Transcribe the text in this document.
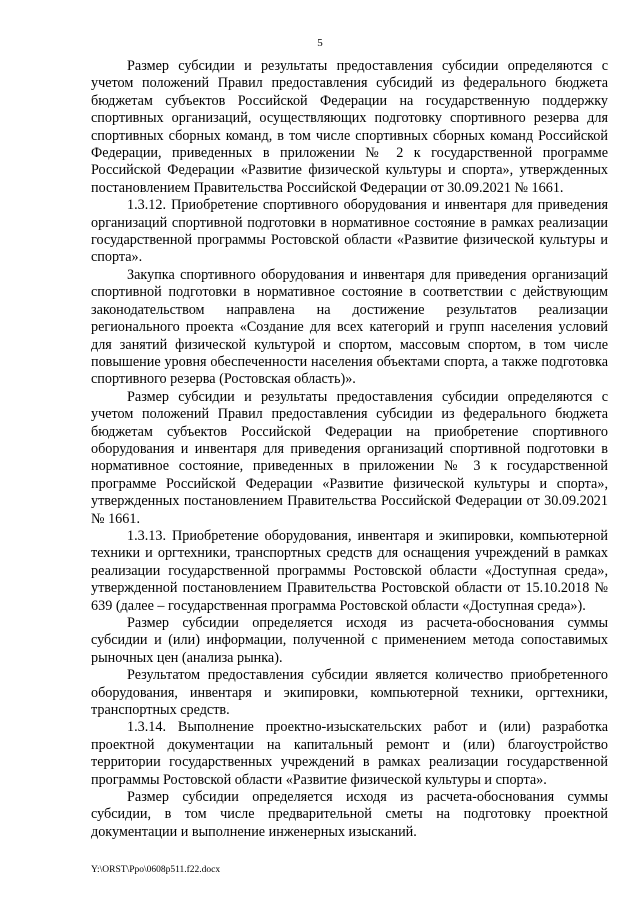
5

Размер субсидии и результаты предоставления субсидии определяются с учетом положений Правил предоставления субсидий из федерального бюджета бюджетам субъектов Российской Федерации на государственную поддержку спортивных организаций, осуществляющих подготовку спортивного резерва для спортивных сборных команд, в том числе спортивных сборных команд Российской Федерации, приведенных в приложении № 2 к государственной программе Российской Федерации «Развитие физической культуры и спорта», утвержденных постановлением Правительства Российской Федерации от 30.09.2021 № 1661.

1.3.12. Приобретение спортивного оборудования и инвентаря для приведения организаций спортивной подготовки в нормативное состояние в рамках реализации государственной программы Ростовской области «Развитие физической культуры и спорта».

Закупка спортивного оборудования и инвентаря для приведения организаций спортивной подготовки в нормативное состояние в соответствии с действующим законодательством направлена на достижение результатов реализации регионального проекта «Создание для всех категорий и групп населения условий для занятий физической культурой и спортом, массовым спортом, в том числе повышение уровня обеспеченности населения объектами спорта, а также подготовка спортивного резерва (Ростовская область)».

Размер субсидии и результаты предоставления субсидии определяются с учетом положений Правил предоставления субсидии из федерального бюджета бюджетам субъектов Российской Федерации на приобретение спортивного оборудования и инвентаря для приведения организаций спортивной подготовки в нормативное состояние, приведенных в приложении № 3 к государственной программе Российской Федерации «Развитие физической культуры и спорта», утвержденных постановлением Правительства Российской Федерации от 30.09.2021 № 1661.

1.3.13. Приобретение оборудования, инвентаря и экипировки, компьютерной техники и оргтехники, транспортных средств для оснащения учреждений в рамках реализации государственной программы Ростовской области «Доступная среда», утвержденной постановлением Правительства Ростовской области от 15.10.2018 № 639 (далее – государственная программа Ростовской области «Доступная среда»).

Размер субсидии определяется исходя из расчета-обоснования суммы субсидии и (или) информации, полученной с применением метода сопоставимых рыночных цен (анализа рынка).

Результатом предоставления субсидии является количество приобретенного оборудования, инвентаря и экипировки, компьютерной техники, оргтехники, транспортных средств.

1.3.14. Выполнение проектно-изыскательских работ и (или) разработка проектной документации на капитальный ремонт и (или) благоустройство территории государственных учреждений в рамках реализации государственной программы Ростовской области «Развитие физической культуры и спорта».

Размер субсидии определяется исходя из расчета-обоснования суммы субсидии, в том числе предварительной сметы на подготовку проектной документации и выполнение инженерных изысканий.

Y:\ORST\Ppo\0608p511.f22.docx
